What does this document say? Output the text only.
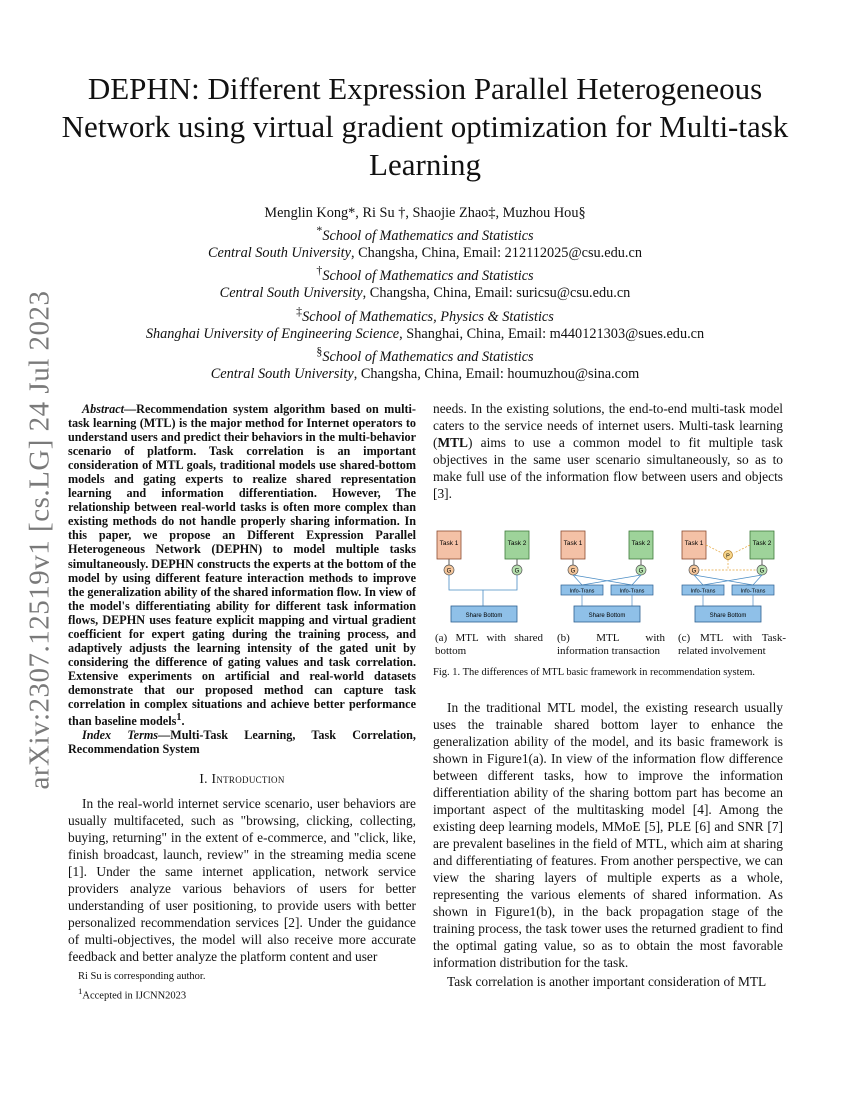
arXiv:2307.12519v1 [cs.LG] 24 Jul 2023
DEPHN: Different Expression Parallel Heterogeneous Network using virtual gradient optimization for Multi-task Learning
Menglin Kong*, Ri Su †, Shaojie Zhao‡, Muzhou Hou§
*School of Mathematics and Statistics
Central South University, Changsha, China, Email: 212112025@csu.edu.cn
†School of Mathematics and Statistics
Central South University, Changsha, China, Email: suricsu@csu.edu.cn
‡School of Mathematics, Physics & Statistics
Shanghai University of Engineering Science, Shanghai, China, Email: m440121303@sues.edu.cn
§School of Mathematics and Statistics
Central South University, Changsha, China, Email: houmuzhou@sina.com

Abstract—Recommendation system algorithm based on multi-task learning (MTL) is the major method for Internet operators to understand users and predict their behaviors in the multi-behavior scenario of platform. Task correlation is an important consideration of MTL goals, traditional models use shared-bottom models and gating experts to realize shared representation learning and information differentiation. However, The relationship between real-world tasks is often more complex than existing methods do not handle properly sharing information. In this paper, we propose an Different Expression Parallel Heterogeneous Network (DEPHN) to model multiple tasks simultaneously. DEPHN constructs the experts at the bottom of the model by using different feature interaction methods to improve the generalization ability of the shared information flow. In view of the model's differentiating ability for different task information flows, DEPHN uses feature explicit mapping and virtual gradient coefficient for expert gating during the training process, and adaptively adjusts the learning intensity of the gated unit by considering the difference of gating values and task correlation. Extensive experiments on artificial and real-world datasets demonstrate that our proposed method can capture task correlation in complex situations and achieve better performance than baseline models$^1$.

Index Terms—Multi-Task Learning, Task Correlation, Recommendation System

I. Introduction

In the real-world internet service scenario, user behaviors are usually multifaceted, such as "browsing, clicking, collecting, buying, returning" in the extent of e-commerce, and "click, like, finish broadcast, launch, review" in the streaming media scene [1]. Under the same internet application, network service providers analyze various behaviors of users for better understanding of user positioning, to provide users with better personalized recommendation services [2]. Under the guidance of multi-objectives, the model will also receive more accurate feedback and better analyze the platform content and user

Ri Su is corresponding author.
$^1$Accepted in IJCNN2023

needs. In the existing solutions, the end-to-end multi-task model caters to the service needs of internet users. Multi-task learning (MTL) aims to use a common model to fit multiple task objectives in the same user scenario simultaneously, so as to make full use of the information flow between users and objects [3].

Task 1	Task 2
G	G
Share Bottom
Task 1	Task 2
G	G
Info-Trans	Info-Trans
Share Bottom
Task 1	Task 2
P
G	G
Info-Trans	Info-Trans
Share Bottom
(a) MTL with shared bottom
(b) MTL with information transaction
(c) MTL with Task-related involvement
Fig. 1. The differences of MTL basic framework in recommendation system.

In the traditional MTL model, the existing research usually uses the trainable shared bottom layer to enhance the generalization ability of the model, and its basic framework is shown in Figure1(a). In view of the information flow difference between different tasks, how to improve the information differentiation ability of the sharing bottom part has become an important aspect of the multitasking model [4]. Among the existing deep learning models, MMoE [5], PLE [6] and SNR [7] are prevalent baselines in the field of MTL, which aim at sharing and differentiating of features. From another perspective, we can view the sharing layers of multiple experts as a whole, representing the various elements of shared information. As shown in Figure1(b), in the back propagation stage of the training process, the task tower uses the returned gradient to find the optimal gating value, so as to obtain the most favorable information distribution for the task.

Task correlation is another important consideration of MTL
